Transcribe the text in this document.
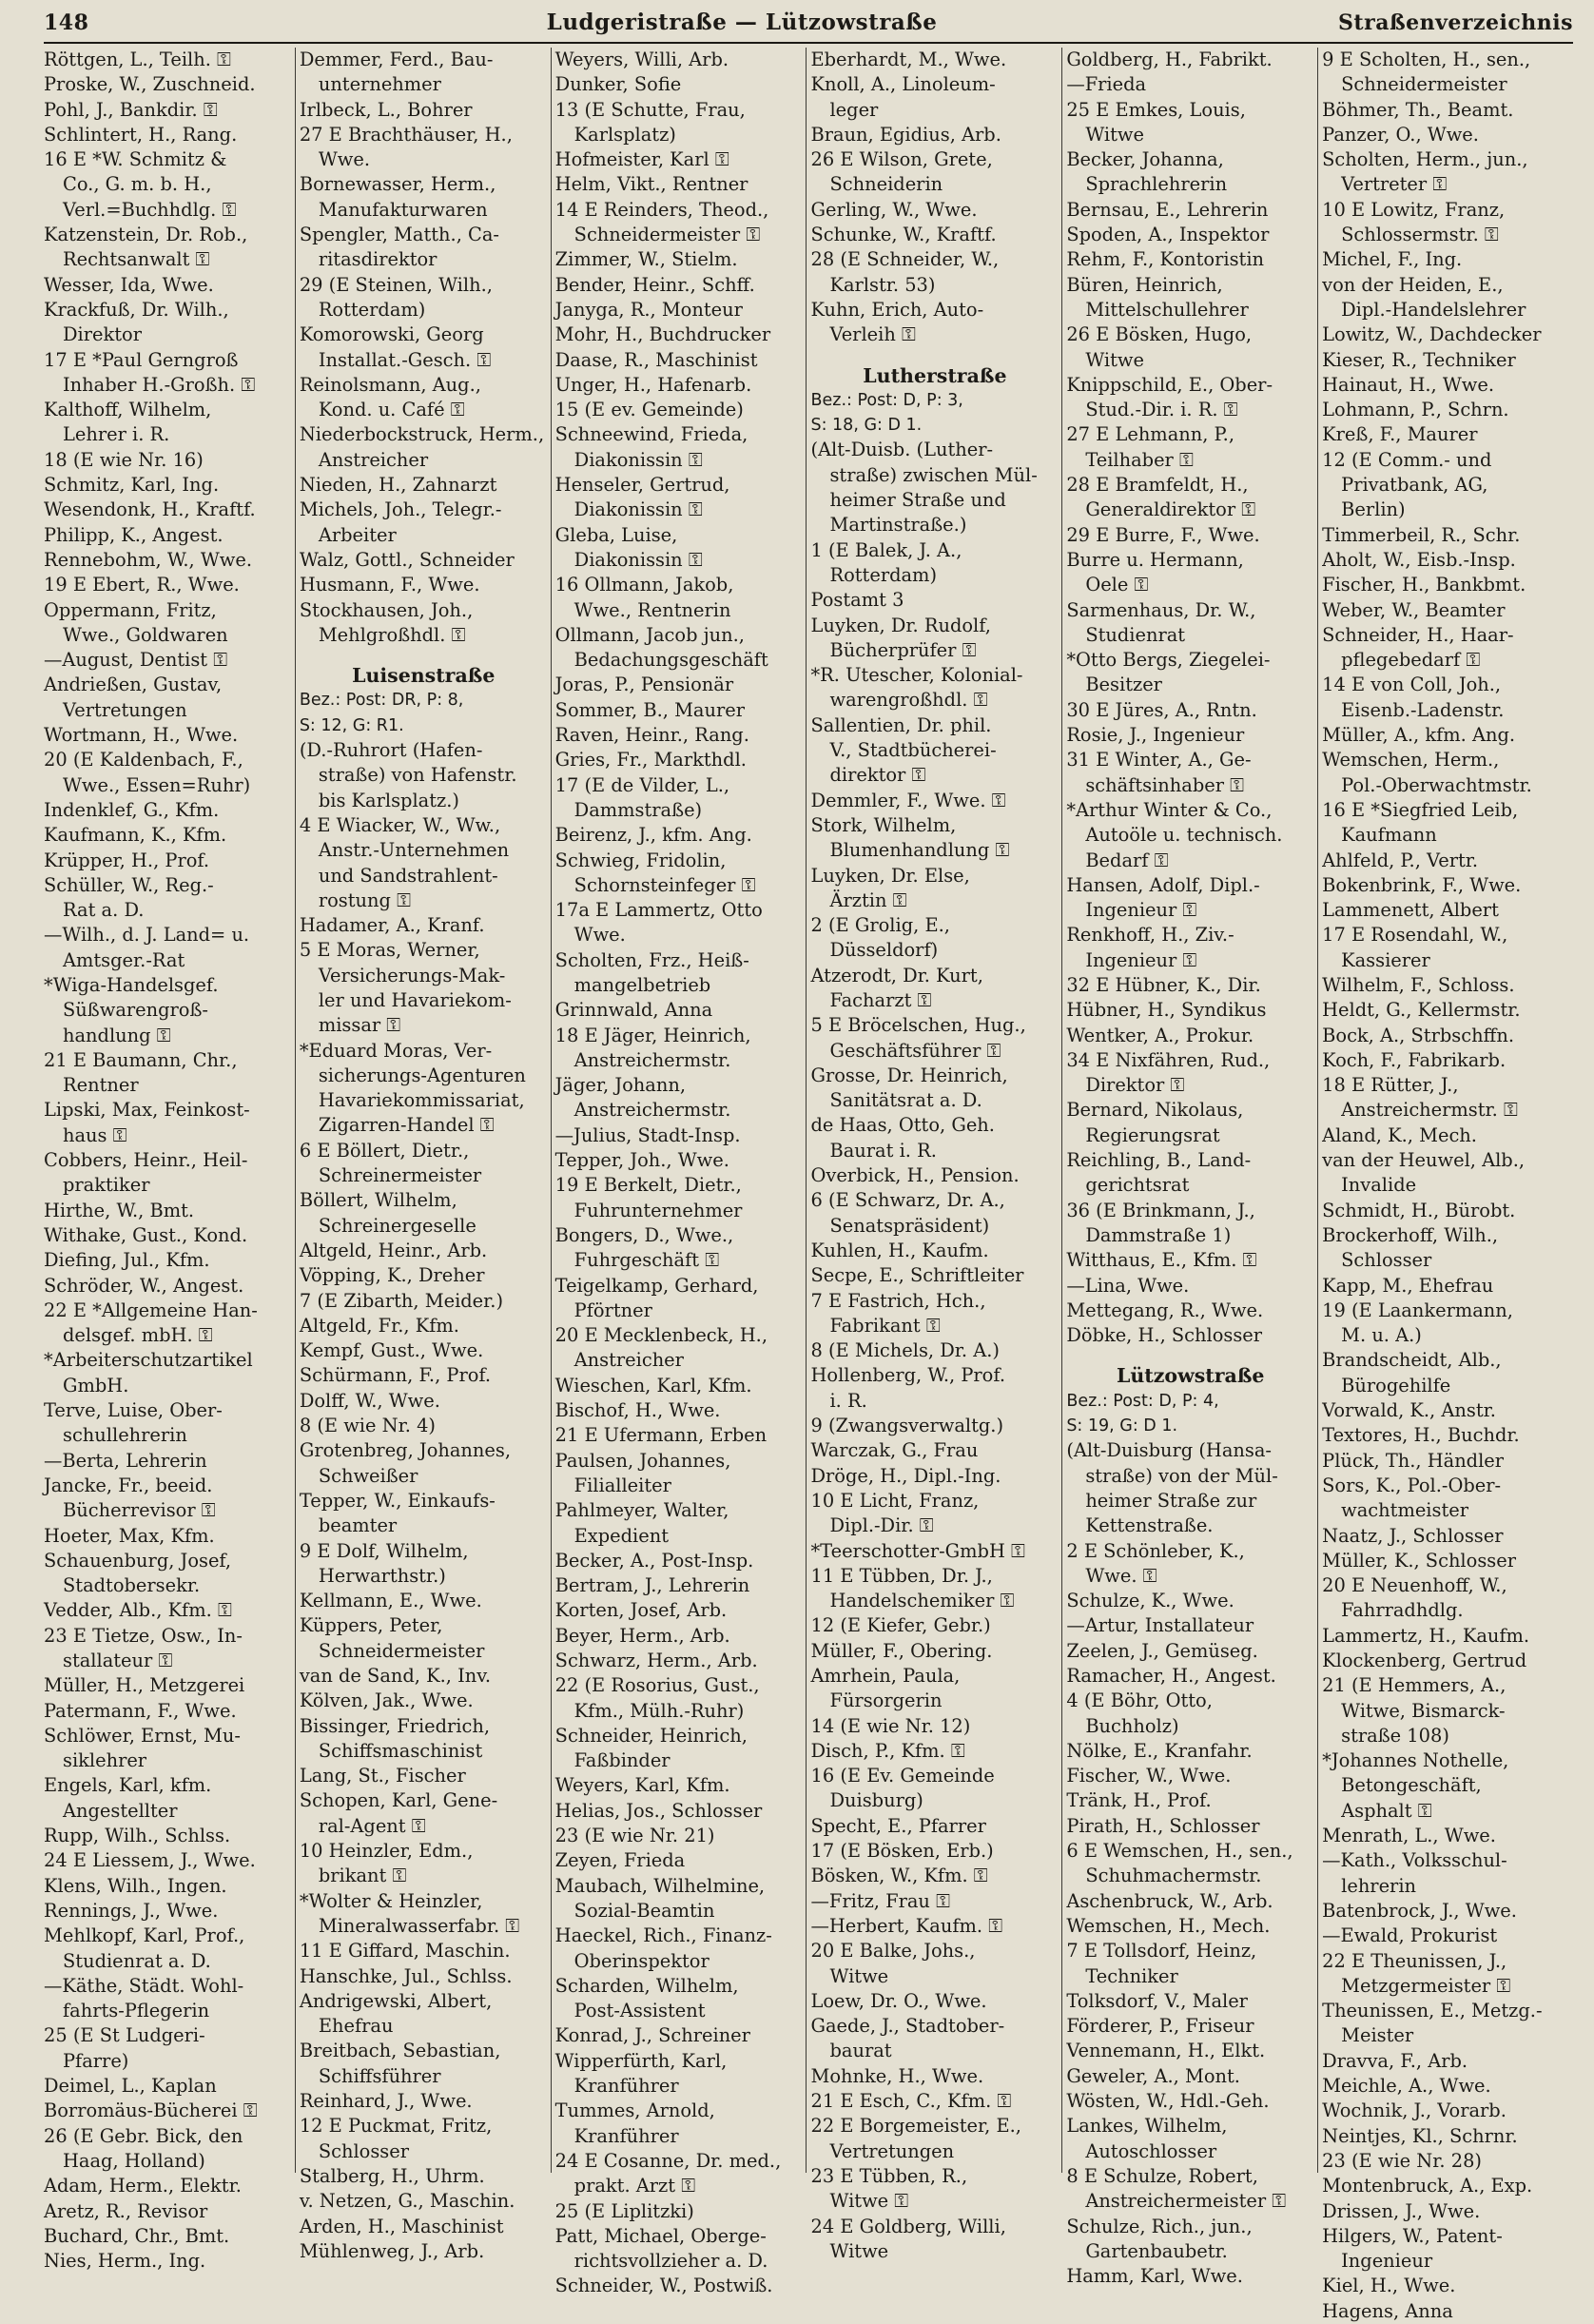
148	Ludgeristraße — Lützowstraße	Straßenverzeichnis
Röttgen, L., Teilh. ⚿
Proske, W., Zuschneid.
Pohl, J., Bankdir. ⚿
Schlintert, H., Rang.
16 E *W. Schmitz &
Co., G. m. b. H.,
Verl.=Buchhdlg. ⚿
Katzenstein, Dr. Rob.,
Rechtsanwalt ⚿
Wesser, Ida, Wwe.
Krackfuß, Dr. Wilh.,
Direktor
17 E *Paul Gerngroß
Inhaber H.-Großh. ⚿
Kalthoff, Wilhelm,
Lehrer i. R.
18 (E wie Nr. 16)
Schmitz, Karl, Ing.
Wesendonk, H., Kraftf.
Philipp, K., Angest.
Rennebohm, W., Wwe.
19 E Ebert, R., Wwe.
Oppermann, Fritz,
Wwe., Goldwaren
—August, Dentist ⚿
Andrießen, Gustav,
Vertretungen
Wortmann, H., Wwe.
20 (E Kaldenbach, F.,
Wwe., Essen=Ruhr)
Indenklef, G., Kfm.
Kaufmann, K., Kfm.
Krüpper, H., Prof.
Schüller, W., Reg.-
Rat a. D.
—Wilh., d. J. Land= u.
Amtsger.-Rat
*Wiga-Handelsgef.
Süßwarengroß-
handlung ⚿
21 E Baumann, Chr.,
Rentner
Lipski, Max, Feinkost-
haus ⚿
Cobbers, Heinr., Heil-
praktiker
Hirthe, W., Bmt.
Withake, Gust., Kond.
Diefing, Jul., Kfm.
Schröder, W., Angest.
22 E *Allgemeine Han-
delsgef. mbH. ⚿
*Arbeiterschutzartikel
GmbH.
Terve, Luise, Ober-
schullehrerin
—Berta, Lehrerin
Jancke, Fr., beeid.
Bücherrevisor ⚿
Hoeter, Max, Kfm.
Schauenburg, Josef,
Stadtobersekr.
Vedder, Alb., Kfm. ⚿
23 E Tietze, Osw., In-
stallateur ⚿
Müller, H., Metzgerei
Patermann, F., Wwe.
Schlöwer, Ernst, Mu-
siklehrer
Engels, Karl, kfm.
Angestellter
Rupp, Wilh., Schlss.
24 E Liessem, J., Wwe.
Klens, Wilh., Ingen.
Rennings, J., Wwe.
Mehlkopf, Karl, Prof.,
Studienrat a. D.
—Käthe, Städt. Wohl-
fahrts-Pflegerin
25 (E St Ludgeri-
Pfarre)
Deimel, L., Kaplan
Borromäus-Bücherei ⚿
26 (E Gebr. Bick, den
Haag, Holland)
Adam, Herm., Elektr.
Aretz, R., Revisor
Buchard, Chr., Bmt.
Nies, Herm., Ing.
Demmer, Ferd., Bau-
unternehmer
Irlbeck, L., Bohrer
27 E Brachthäuser, H.,
Wwe.
Bornewasser, Herm.,
Manufakturwaren
Spengler, Matth., Ca-
ritasdirektor
29 (E Steinen, Wilh.,
Rotterdam)
Komorowski, Georg
Installat.-Gesch. ⚿
Reinolsmann, Aug.,
Kond. u. Café ⚿
Niederbockstruck, Herm.,
Anstreicher
Nieden, H., Zahnarzt
Michels, Joh., Telegr.-
Arbeiter
Walz, Gottl., Schneider
Husmann, F., Wwe.
Stockhausen, Joh.,
Mehlgroßhdl. ⚿
Luisenstraße
Bez.: Post: DR, P: 8,
S: 12, G: R1.
(D.-Ruhrort (Hafen-
straße) von Hafenstr.
bis Karlsplatz.)
4 E Wiacker, W., Ww.,
Anstr.-Unternehmen
und Sandstrahlent-
rostung ⚿
Hadamer, A., Kranf.
5 E Moras, Werner,
Versicherungs-Mak-
ler und Havariekom-
missar ⚿
*Eduard Moras, Ver-
sicherungs-Agenturen
Havariekommissariat,
Zigarren-Handel ⚿
6 E Böllert, Dietr.,
Schreinermeister
Böllert, Wilhelm,
Schreinergeselle
Altgeld, Heinr., Arb.
Vöpping, K., Dreher
7 (E Zibarth, Meider.)
Altgeld, Fr., Kfm.
Kempf, Gust., Wwe.
Schürmann, F., Prof.
Dolff, W., Wwe.
8 (E wie Nr. 4)
Grotenbreg, Johannes,
Schweißer
Tepper, W., Einkaufs-
beamter
9 E Dolf, Wilhelm,
Herwarthstr.)
Kellmann, E., Wwe.
Küppers, Peter,
Schneidermeister
van de Sand, K., Inv.
Kölven, Jak., Wwe.
Bissinger, Friedrich,
Schiffsmaschinist
Lang, St., Fischer
Schopen, Karl, Gene-
ral-Agent ⚿
10 Heinzler, Edm.,
brikant ⚿
*Wolter & Heinzler,
Mineralwasserfabr. ⚿
11 E Giffard, Maschin.
Hanschke, Jul., Schlss.
Andrigewski, Albert,
Ehefrau
Breitbach, Sebastian,
Schiffsführer
Reinhard, J., Wwe.
12 E Puckmat, Fritz,
Schlosser
Stalberg, H., Uhrm.
v. Netzen, G., Maschin.
Arden, H., Maschinist
Mühlenweg, J., Arb.
Weyers, Willi, Arb.
Dunker, Sofie
13 (E Schutte, Frau,
Karlsplatz)
Hofmeister, Karl ⚿
Helm, Vikt., Rentner
14 E Reinders, Theod.,
Schneidermeister ⚿
Zimmer, W., Stielm.
Bender, Heinr., Schff.
Janyga, R., Monteur
Mohr, H., Buchdrucker
Daase, R., Maschinist
Unger, H., Hafenarb.
15 (E ev. Gemeinde)
Schneewind, Frieda,
Diakonissin ⚿
Henseler, Gertrud,
Diakonissin ⚿
Gleba, Luise,
Diakonissin ⚿
16 Ollmann, Jakob,
Wwe., Rentnerin
Ollmann, Jacob jun.,
Bedachungsgeschäft
Joras, P., Pensionär
Sommer, B., Maurer
Raven, Heinr., Rang.
Gries, Fr., Markthdl.
17 (E de Vilder, L.,
Dammstraße)
Beirenz, J., kfm. Ang.
Schwieg, Fridolin,
Schornsteinfeger ⚿
17a E Lammertz, Otto
Wwe.
Scholten, Frz., Heiß-
mangelbetrieb
Grinnwald, Anna
18 E Jäger, Heinrich,
Anstreichermstr.
Jäger, Johann,
Anstreichermstr.
—Julius, Stadt-Insp.
Tepper, Joh., Wwe.
19 E Berkelt, Dietr.,
Fuhrunternehmer
Bongers, D., Wwe.,
Fuhrgeschäft ⚿
Teigelkamp, Gerhard,
Pförtner
20 E Mecklenbeck, H.,
Anstreicher
Wieschen, Karl, Kfm.
Bischof, H., Wwe.
21 E Ufermann, Erben
Paulsen, Johannes,
Filialleiter
Pahlmeyer, Walter,
Expedient
Becker, A., Post-Insp.
Bertram, J., Lehrerin
Korten, Josef, Arb.
Beyer, Herm., Arb.
Schwarz, Herm., Arb.
22 (E Rosorius, Gust.,
Kfm., Mülh.-Ruhr)
Schneider, Heinrich,
Faßbinder
Weyers, Karl, Kfm.
Helias, Jos., Schlosser
23 (E wie Nr. 21)
Zeyen, Frieda
Maubach, Wilhelmine,
Sozial-Beamtin
Haeckel, Rich., Finanz-
Oberinspektor
Scharden, Wilhelm,
Post-Assistent
Konrad, J., Schreiner
Wipperfürth, Karl,
Kranführer
Tummes, Arnold,
Kranführer
24 E Cosanne, Dr. med.,
prakt. Arzt ⚿
25 (E Liplitzki)
Patt, Michael, Oberge-
richtsvollzieher a. D.
Schneider, W., Postwiß.
Eberhardt, M., Wwe.
Knoll, A., Linoleum-
leger
Braun, Egidius, Arb.
26 E Wilson, Grete,
Schneiderin
Gerling, W., Wwe.
Schunke, W., Kraftf.
28 (E Schneider, W.,
Karlstr. 53)
Kuhn, Erich, Auto-
Verleih ⚿
Lutherstraße
Bez.: Post: D, P: 3,
S: 18, G: D 1.
(Alt-Duisb. (Luther-
straße) zwischen Mül-
heimer Straße und
Martinstraße.)
1 (E Balek, J. A.,
Rotterdam)
Postamt 3
Luyken, Dr. Rudolf,
Bücherprüfer ⚿
*R. Utescher, Kolonial-
warengroßhdl. ⚿
Sallentien, Dr. phil.
V., Stadtbücherei-
direktor ⚿
Demmler, F., Wwe. ⚿
Stork, Wilhelm,
Blumenhandlung ⚿
Luyken, Dr. Else,
Ärztin ⚿
2 (E Grolig, E.,
Düsseldorf)
Atzerodt, Dr. Kurt,
Facharzt ⚿
5 E Bröcelschen, Hug.,
Geschäftsführer ⚿
Grosse, Dr. Heinrich,
Sanitätsrat a. D.
de Haas, Otto, Geh.
Baurat i. R.
Overbick, H., Pension.
6 (E Schwarz, Dr. A.,
Senatspräsident)
Kuhlen, H., Kaufm.
Secpe, E., Schriftleiter
7 E Fastrich, Hch.,
Fabrikant ⚿
8 (E Michels, Dr. A.)
Hollenberg, W., Prof.
i. R.
9 (Zwangsverwaltg.)
Warczak, G., Frau
Dröge, H., Dipl.-Ing.
10 E Licht, Franz,
Dipl.-Dir. ⚿
*Teerschotter-GmbH ⚿
11 E Tübben, Dr. J.,
Handelschemiker ⚿
12 (E Kiefer, Gebr.)
Müller, F., Obering.
Amrhein, Paula,
Fürsorgerin
14 (E wie Nr. 12)
Disch, P., Kfm. ⚿
16 (E Ev. Gemeinde
Duisburg)
Specht, E., Pfarrer
17 (E Bösken, Erb.)
Bösken, W., Kfm. ⚿
—Fritz, Frau ⚿
—Herbert, Kaufm. ⚿
20 E Balke, Johs.,
Witwe
Loew, Dr. O., Wwe.
Gaede, J., Stadtober-
baurat
Mohnke, H., Wwe.
21 E Esch, C., Kfm. ⚿
22 E Borgemeister, E.,
Vertretungen
23 E Tübben, R.,
Witwe ⚿
24 E Goldberg, Willi,
Witwe
Goldberg, H., Fabrikt.
—Frieda
25 E Emkes, Louis,
Witwe
Becker, Johanna,
Sprachlehrerin
Bernsau, E., Lehrerin
Spoden, A., Inspektor
Rehm, F., Kontoristin
Büren, Heinrich,
Mittelschullehrer
26 E Bösken, Hugo,
Witwe
Knippschild, E., Ober-
Stud.-Dir. i. R. ⚿
27 E Lehmann, P.,
Teilhaber ⚿
28 E Bramfeldt, H.,
Generaldirektor ⚿
29 E Burre, F., Wwe.
Burre u. Hermann,
Oele ⚿
Sarmenhaus, Dr. W.,
Studienrat
*Otto Bergs, Ziegelei-
Besitzer
30 E Jüres, A., Rntn.
Rosie, J., Ingenieur
31 E Winter, A., Ge-
schäftsinhaber ⚿
*Arthur Winter & Co.,
Autoöle u. technisch.
Bedarf ⚿
Hansen, Adolf, Dipl.-
Ingenieur ⚿
Renkhoff, H., Ziv.-
Ingenieur ⚿
32 E Hübner, K., Dir.
Hübner, H., Syndikus
Wentker, A., Prokur.
34 E Nixfähren, Rud.,
Direktor ⚿
Bernard, Nikolaus,
Regierungsrat
Reichling, B., Land-
gerichtsrat
36 (E Brinkmann, J.,
Dammstraße 1)
Witthaus, E., Kfm. ⚿
—Lina, Wwe.
Mettegang, R., Wwe.
Döbke, H., Schlosser
Lützowstraße
Bez.: Post: D, P: 4,
S: 19, G: D 1.
(Alt-Duisburg (Hansa-
straße) von der Mül-
heimer Straße zur
Kettenstraße.
2 E Schönleber, K.,
Wwe. ⚿
Schulze, K., Wwe.
—Artur, Installateur
Zeelen, J., Gemüseg.
Ramacher, H., Angest.
4 (E Böhr, Otto,
Buchholz)
Nölke, E., Kranfahr.
Fischer, W., Wwe.
Tränk, H., Prof.
Pirath, H., Schlosser
6 E Wemschen, H., sen.,
Schuhmachermstr.
Aschenbruck, W., Arb.
Wemschen, H., Mech.
7 E Tollsdorf, Heinz,
Techniker
Tolksdorf, V., Maler
Förderer, P., Friseur
Vennemann, H., Elkt.
Geweler, A., Mont.
Wösten, W., Hdl.-Geh.
Lankes, Wilhelm,
Autoschlosser
8 E Schulze, Robert,
Anstreichermeister ⚿
Schulze, Rich., jun.,
Gartenbaubetr.
Hamm, Karl, Wwe.
9 E Scholten, H., sen.,
Schneidermeister
Böhmer, Th., Beamt.
Panzer, O., Wwe.
Scholten, Herm., jun.,
Vertreter ⚿
10 E Lowitz, Franz,
Schlossermstr. ⚿
Michel, F., Ing.
von der Heiden, E.,
Dipl.-Handelslehrer
Lowitz, W., Dachdecker
Kieser, R., Techniker
Hainaut, H., Wwe.
Lohmann, P., Schrn.
Kreß, F., Maurer
12 (E Comm.- und
Privatbank, AG,
Berlin)
Timmerbeil, R., Schr.
Aholt, W., Eisb.-Insp.
Fischer, H., Bankbmt.
Weber, W., Beamter
Schneider, H., Haar-
pflegebedarf ⚿
14 E von Coll, Joh.,
Eisenb.-Ladenstr.
Müller, A., kfm. Ang.
Wemschen, Herm.,
Pol.-Oberwachtmstr.
16 E *Siegfried Leib,
Kaufmann
Ahlfeld, P., Vertr.
Bokenbrink, F., Wwe.
Lammenett, Albert
17 E Rosendahl, W.,
Kassierer
Wilhelm, F., Schloss.
Heldt, G., Kellermstr.
Bock, A., Strbschffn.
Koch, F., Fabrikarb.
18 E Rütter, J.,
Anstreichermstr. ⚿
Aland, K., Mech.
van der Heuwel, Alb.,
Invalide
Schmidt, H., Bürobt.
Brockerhoff, Wilh.,
Schlosser
Kapp, M., Ehefrau
19 (E Laankermann,
M. u. A.)
Brandscheidt, Alb.,
Bürogehilfe
Vorwald, K., Anstr.
Textores, H., Buchdr.
Plück, Th., Händler
Sors, K., Pol.-Ober-
wachtmeister
Naatz, J., Schlosser
Müller, K., Schlosser
20 E Neuenhoff, W.,
Fahrradhdlg.
Lammertz, H., Kaufm.
Klockenberg, Gertrud
21 (E Hemmers, A.,
Witwe, Bismarck-
straße 108)
*Johannes Nothelle,
Betongeschäft,
Asphalt ⚿
Menrath, L., Wwe.
—Kath., Volksschul-
lehrerin
Batenbrock, J., Wwe.
—Ewald, Prokurist
22 E Theunissen, J.,
Metzgermeister ⚿
Theunissen, E., Metzg.-
Meister
Dravva, F., Arb.
Meichle, A., Wwe.
Wochnik, J., Vorarb.
Neintjes, Kl., Schrnr.
23 (E wie Nr. 28)
Montenbruck, A., Exp.
Drissen, J., Wwe.
Hilgers, W., Patent-
Ingenieur
Kiel, H., Wwe.
Hagens, Anna
